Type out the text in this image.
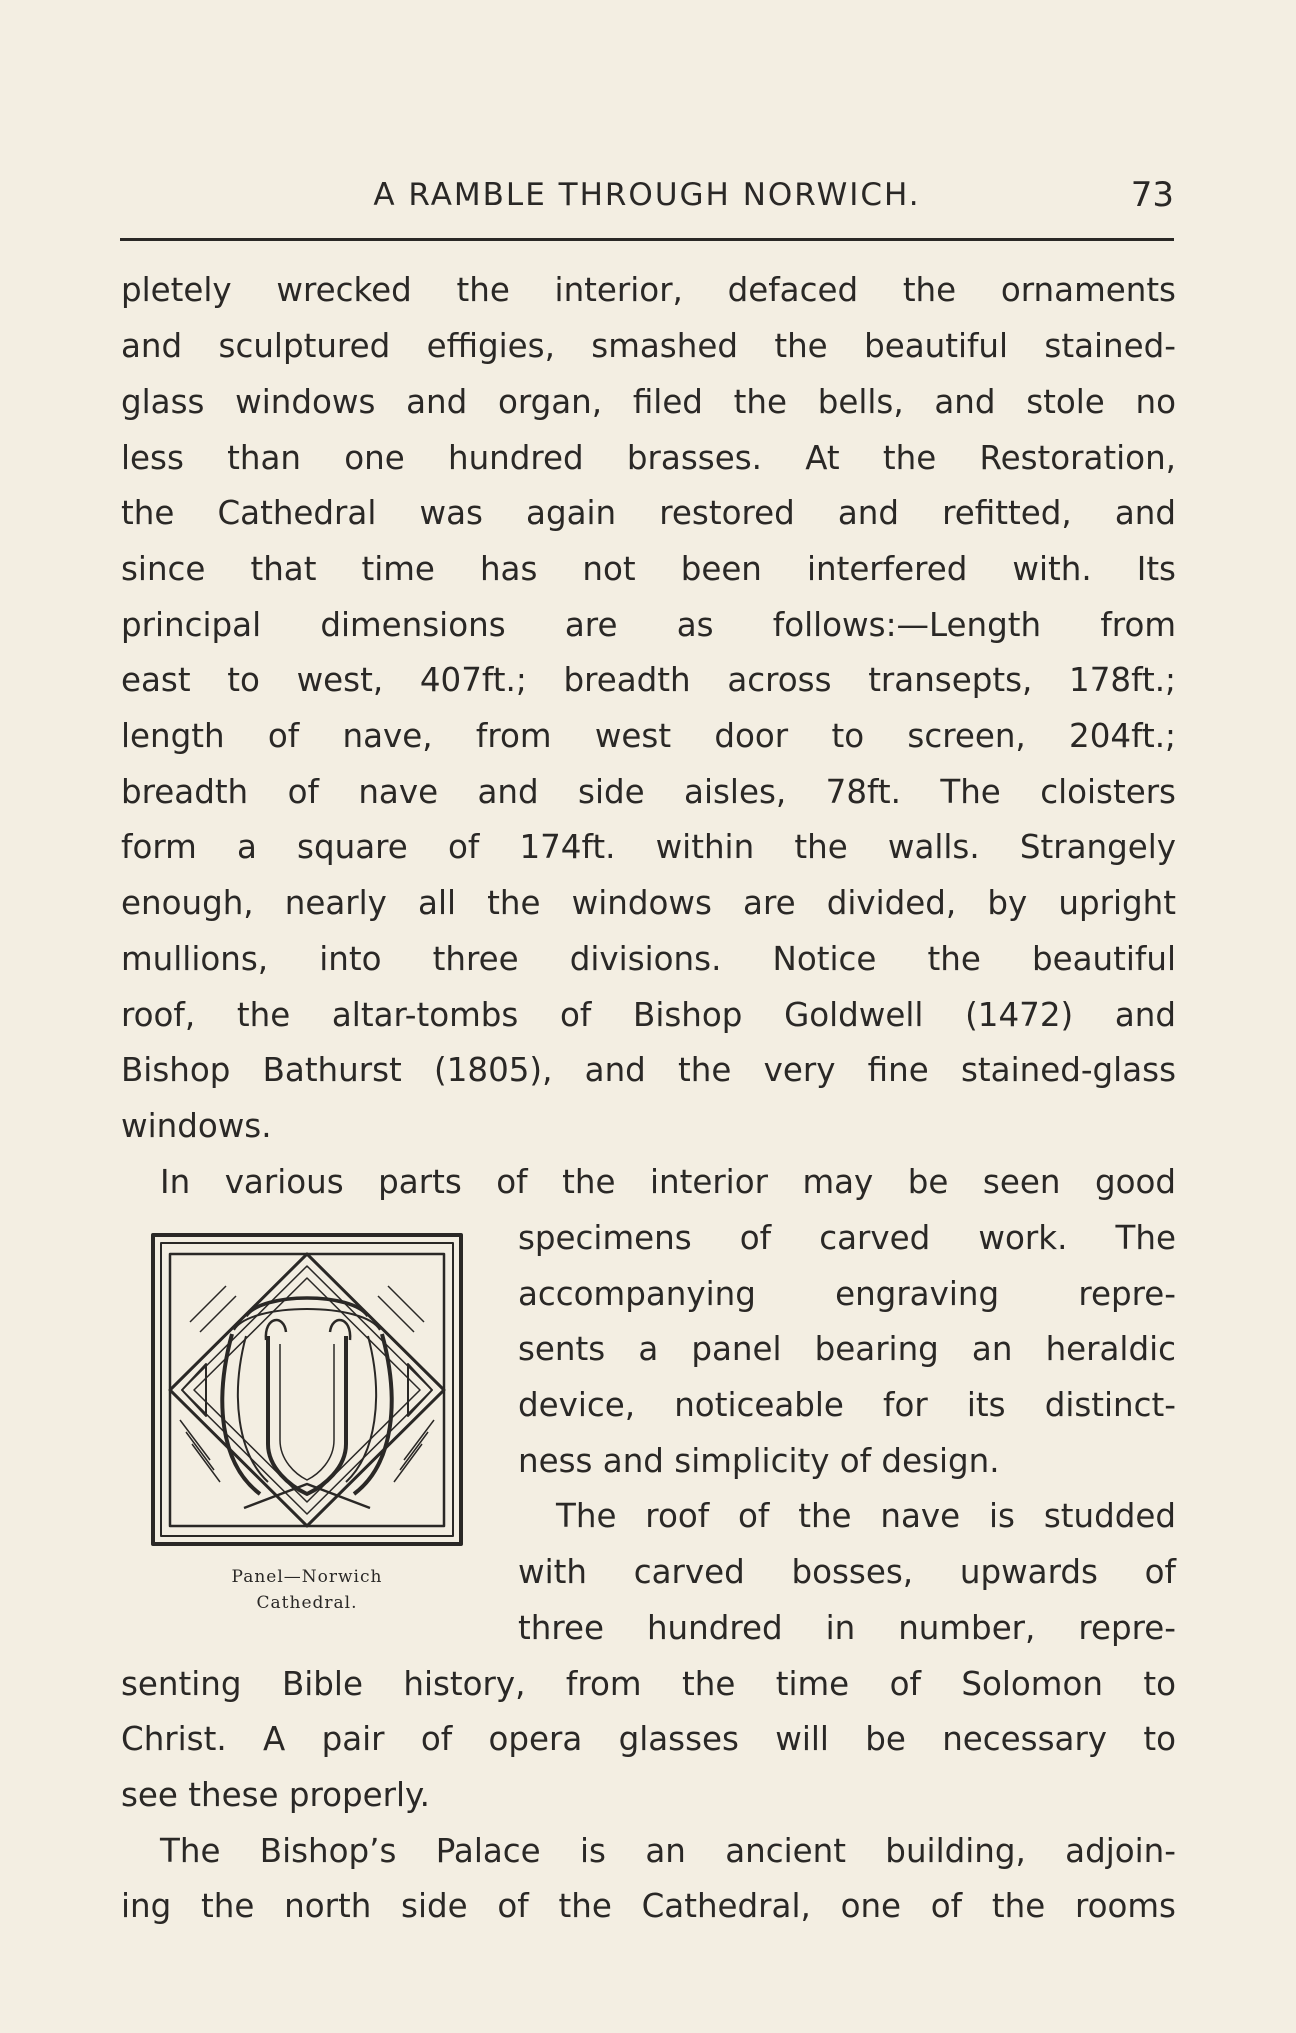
A RAMBLE THROUGH NORWICH.	73
pletely wrecked the interior, defaced the ornaments
and sculptured effigies, smashed the beautiful stained-
glass windows and organ, filed the bells, and stole no
less than one hundred brasses. At the Restoration,
the Cathedral was again restored and refitted, and
since that time has not been interfered with. Its
principal dimensions are as follows:—Length from
east to west, 407ft.; breadth across transepts, 178ft.;
length of nave, from west door to screen, 204ft.;
breadth of nave and side aisles, 78ft. The cloisters
form a square of 174ft. within the walls. Strangely
enough, nearly all the windows are divided, by upright
mullions, into three divisions. Notice the beautiful
roof, the altar-tombs of Bishop Goldwell (1472) and
Bishop Bathurst (1805), and the very fine stained-glass
windows.
In various parts of the interior may be seen good
Panel—Norwich
Cathedral.
specimens of carved work. The
accompanying engraving repre-
sents a panel bearing an heraldic
device, noticeable for its distinct-
ness and simplicity of design.
The roof of the nave is studded
with carved bosses, upwards of
three hundred in number, repre-
senting Bible history, from the time of Solomon to
Christ. A pair of opera glasses will be necessary to
see these properly.
The Bishop’s Palace is an ancient building, adjoin-
ing the north side of the Cathedral, one of the rooms
